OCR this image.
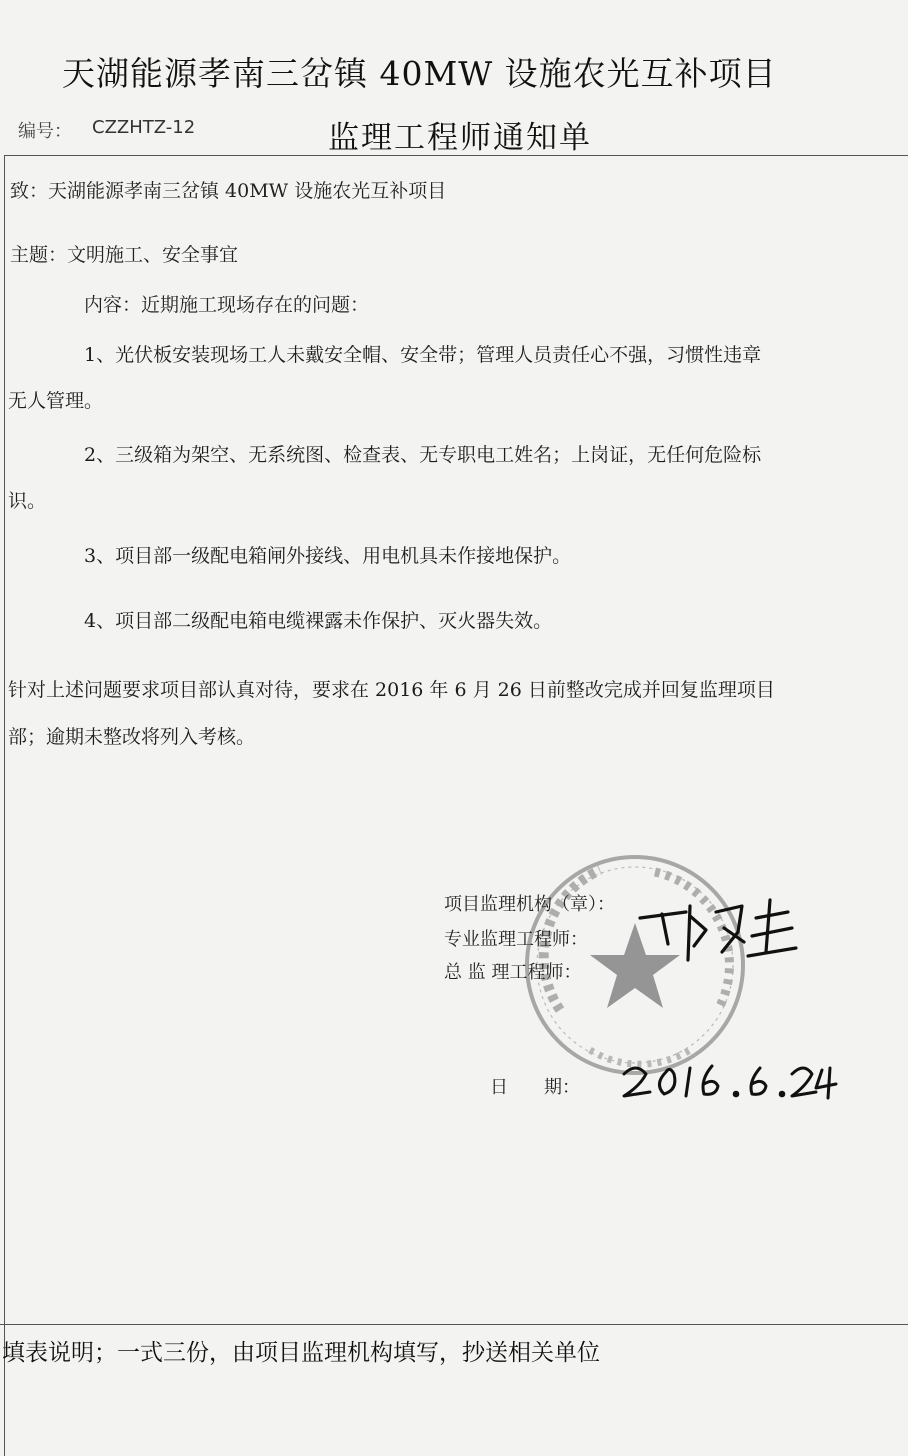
天湖能源孝南三岔镇 40MW 设施农光互补项目
编号： CZZHTZ-12	监理工程师通知单
致：天湖能源孝南三岔镇 40MW 设施农光互补项目
主题：文明施工、安全事宜
内容：近期施工现场存在的问题：
1、光伏板安装现场工人未戴安全帽、安全带；管理人员责任心不强，习惯性违章
无人管理。
2、三级箱为架空、无系统图、检查表、无专职电工姓名；上岗证，无任何危险标
识。
3、项目部一级配电箱闸外接线、用电机具未作接地保护。
4、项目部二级配电箱电缆裸露未作保护、灭火器失效。
针对上述问题要求项目部认真对待，要求在 2016 年 6 月 26 日前整改完成并回复监理项目
部；逾期未整改将列入考核。
项目监理机构（章）：
专业监理工程师：
总 监 理工程师：
日　　期：
填表说明；一式三份，由项目监理机构填写，抄送相关单位
